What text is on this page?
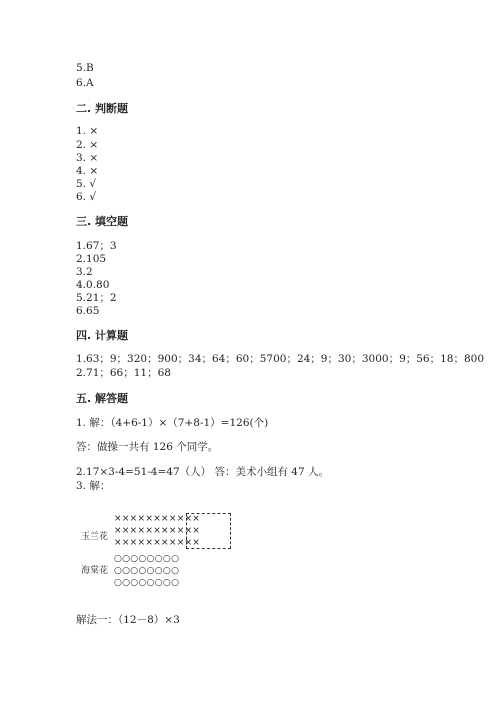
5.B
6.A
二. 判断题
1. ×
2. ×
3. ×
4. ×
5. √
6. √
三. 填空题
1.67；3
2.105
3.2
4.0.80
5.21；2
6.65
四. 计算题
1.63；9；320；900；34；64；60；5700；24；9；30；3000；9；56；18；800
2.71；66；11；68
五. 解答题
1. 解：（4+6-1）×（7+8-1）=126(个)
答：做操一共有 126 个同学。
2.17×3-4=51-4=47（人） 答：美术小组有 47 人。
3. 解：
玉兰花
海棠花
×××××××××××
×××××××××××
×××××××××××
○○○○○○○○
○○○○○○○○
○○○○○○○○
解法一：（12－8）×3
